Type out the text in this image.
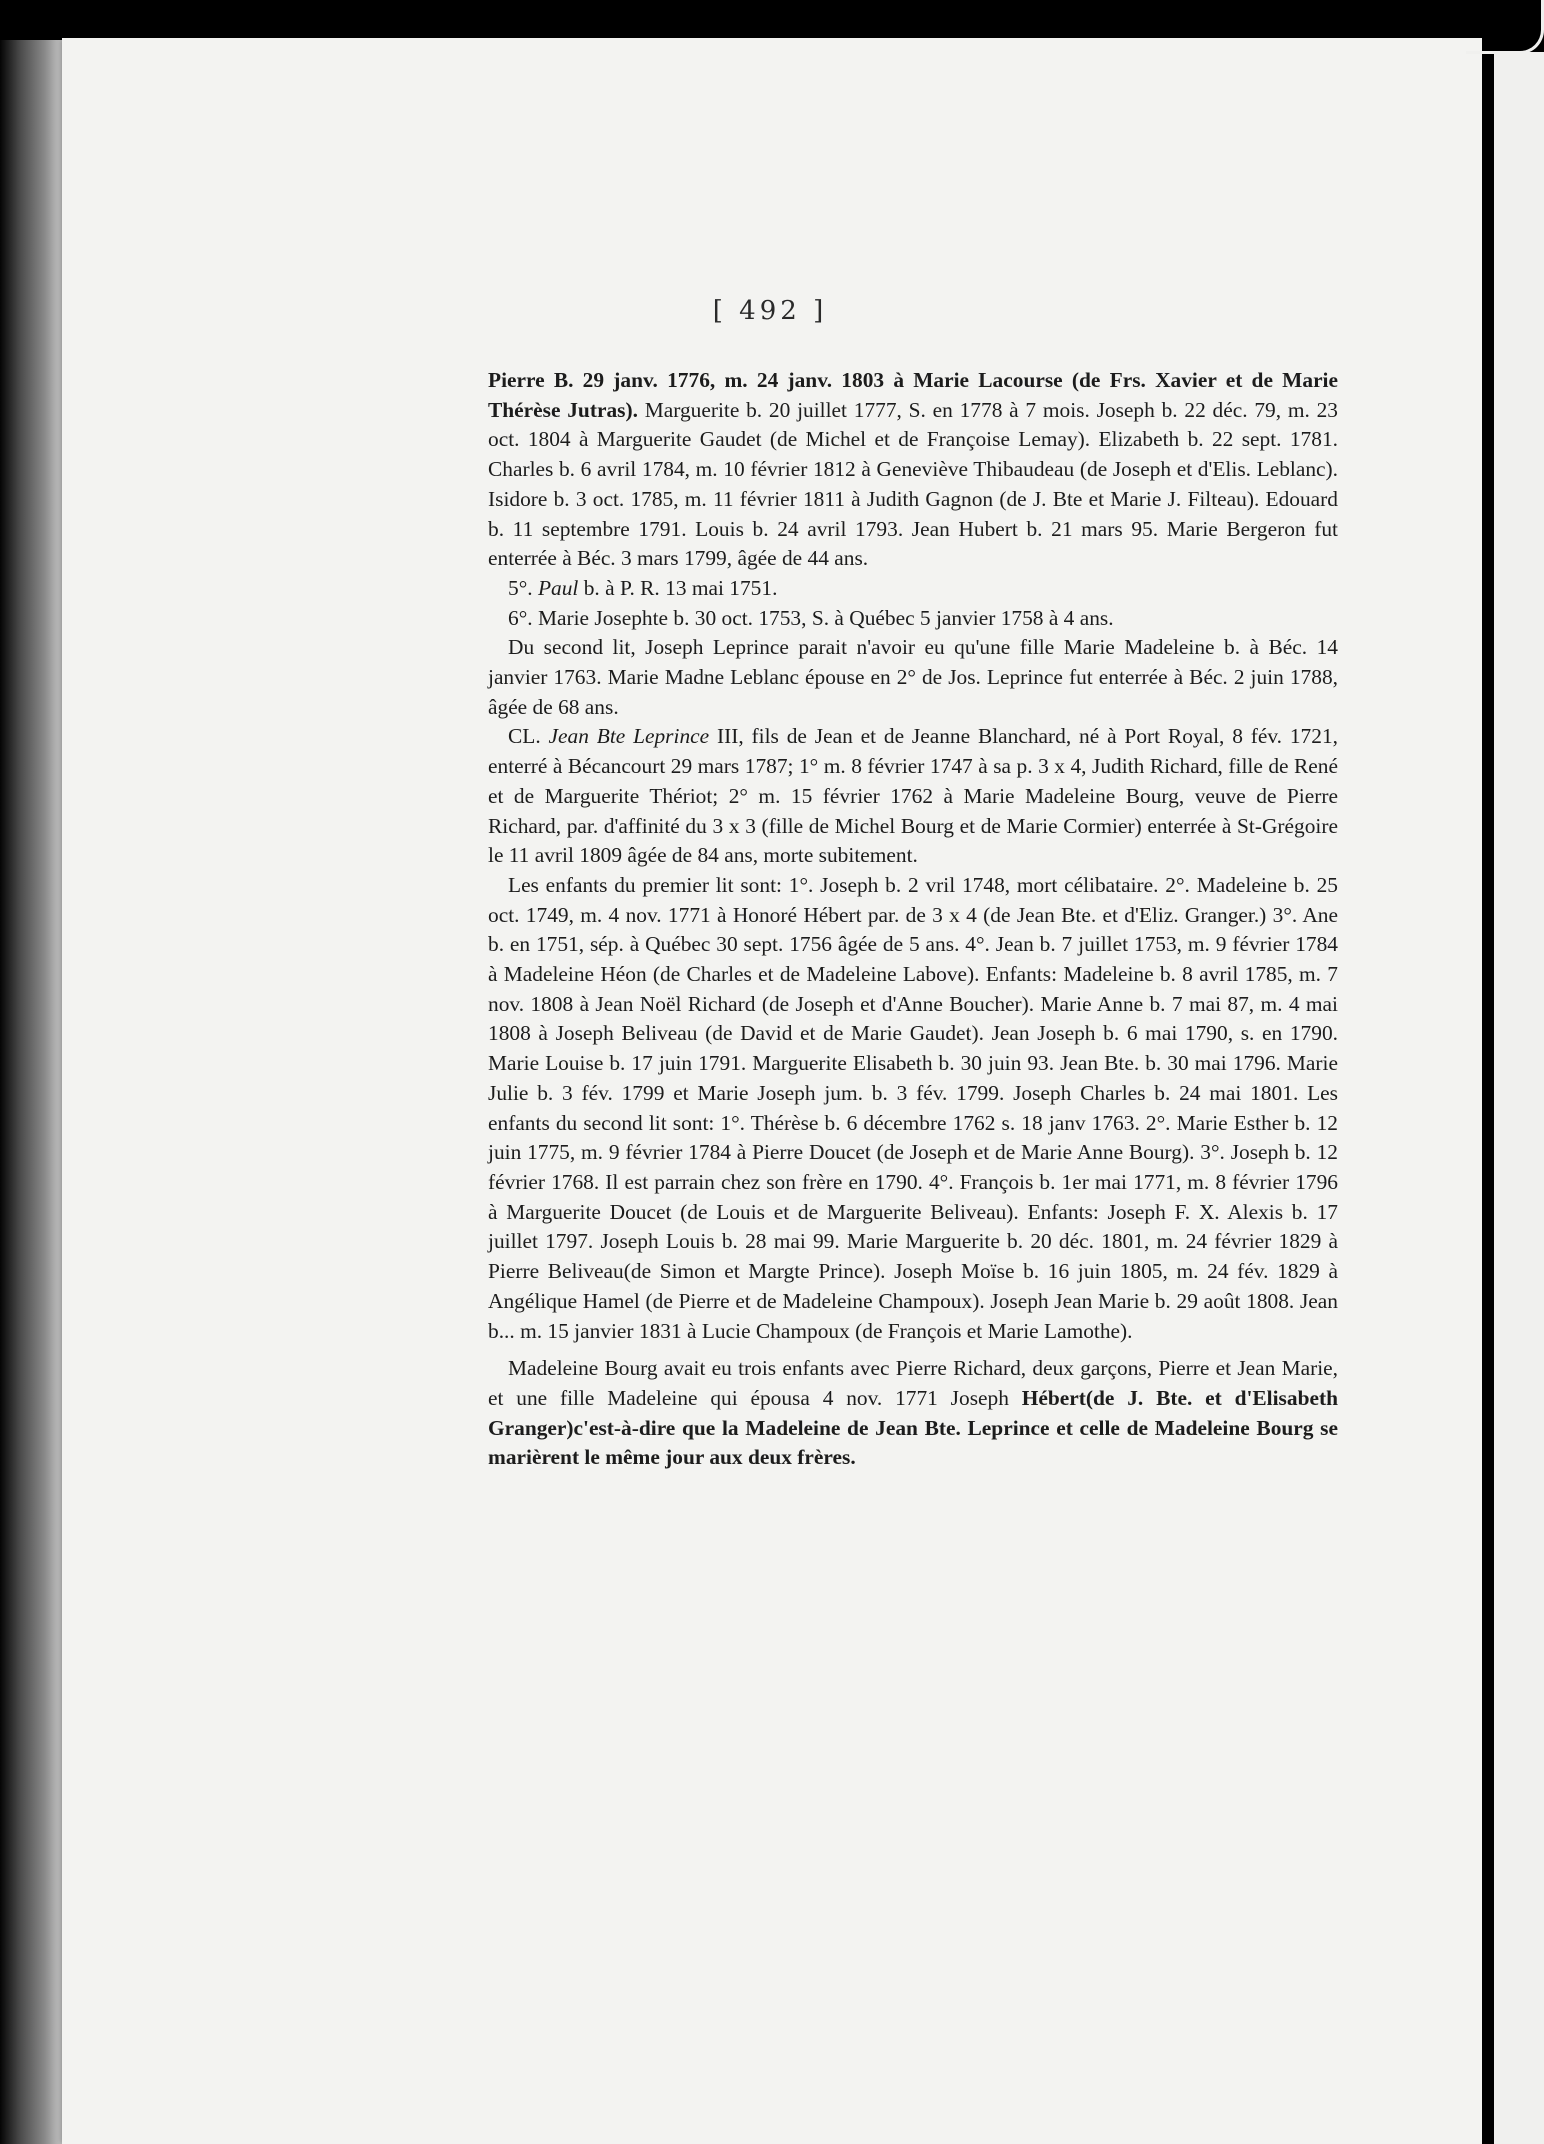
[ 492 ]

Pierre B. 29 janv. 1776, m. 24 janv. 1803 à Marie Lacourse (de Frs. Xavier et de Marie Thérèse Jutras). Marguerite b. 20 juillet 1777, S. en 1778 à 7 mois. Joseph b. 22 déc. 79, m. 23 oct. 1804 à Marguerite Gaudet (de Michel et de Françoise Lemay). Elizabeth b. 22 sept. 1781. Charles b. 6 avril 1784, m. 10 février 1812 à Geneviève Thibaudeau (de Joseph et d'Elis. Leblanc). Isidore b. 3 oct. 1785, m. 11 février 1811 à Judith Gagnon (de J. Bte et Marie J. Filteau). Edouard b. 11 septembre 1791. Louis b. 24 avril 1793. Jean Hubert b. 21 mars 95. Marie Bergeron fut enterrée à Béc. 3 mars 1799, âgée de 44 ans.

5°. Paul b. à P. R. 13 mai 1751.

6°. Marie Josephte b. 30 oct. 1753, S. à Québec 5 janvier 1758 à 4 ans.

Du second lit, Joseph Leprince parait n'avoir eu qu'une fille Marie Madeleine b. à Béc. 14 janvier 1763. Marie Madne Leblanc épouse en 2° de Jos. Leprince fut enterrée à Béc. 2 juin 1788, âgée de 68 ans.

CL. Jean Bte Leprince III, fils de Jean et de Jeanne Blanchard, né à Port Royal, 8 fév. 1721, enterré à Bécancourt 29 mars 1787; 1° m. 8 février 1747 à sa p. 3 x 4, Judith Richard, fille de René et de Marguerite Thériot; 2° m. 15 février 1762 à Marie Madeleine Bourg, veuve de Pierre Richard, par. d'affinité du 3 x 3 (fille de Michel Bourg et de Marie Cormier) enterrée à St-Grégoire le 11 avril 1809 âgée de 84 ans, morte subitement.

Les enfants du premier lit sont: 1°. Joseph b. 2 vril 1748, mort célibataire. 2°. Madeleine b. 25 oct. 1749, m. 4 nov. 1771 à Honoré Hébert par. de 3 x 4 (de Jean Bte. et d'Eliz. Granger.) 3°. Ane b. en 1751, sép. à Québec 30 sept. 1756 âgée de 5 ans. 4°. Jean b. 7 juillet 1753, m. 9 février 1784 à Madeleine Héon (de Charles et de Madeleine Labove). Enfants: Madeleine b. 8 avril 1785, m. 7 nov. 1808 à Jean Noël Richard (de Joseph et d'Anne Boucher). Marie Anne b. 7 mai 87, m. 4 mai 1808 à Joseph Beliveau (de David et de Marie Gaudet). Jean Joseph b. 6 mai 1790, s. en 1790. Marie Louise b. 17 juin 1791. Marguerite Elisabeth b. 30 juin 93. Jean Bte. b. 30 mai 1796. Marie Julie b. 3 fév. 1799 et Marie Joseph jum. b. 3 fév. 1799. Joseph Charles b. 24 mai 1801. Les enfants du second lit sont: 1°. Thérèse b. 6 décembre 1762 s. 18 janv 1763. 2°. Marie Esther b. 12 juin 1775, m. 9 février 1784 à Pierre Doucet (de Joseph et de Marie Anne Bourg). 3°. Joseph b. 12 février 1768. Il est parrain chez son frère en 1790. 4°. François b. 1er mai 1771, m. 8 février 1796 à Marguerite Doucet (de Louis et de Marguerite Beliveau). Enfants: Joseph F. X. Alexis b. 17 juillet 1797. Joseph Louis b. 28 mai 99. Marie Marguerite b. 20 déc. 1801, m. 24 février 1829 à Pierre Beliveau(de Simon et Margte Prince). Joseph Moïse b. 16 juin 1805, m. 24 fév. 1829 à Angélique Hamel (de Pierre et de Madeleine Champoux). Joseph Jean Marie b. 29 août 1808. Jean b... m. 15 janvier 1831 à Lucie Champoux (de François et Marie Lamothe).

Madeleine Bourg avait eu trois enfants avec Pierre Richard, deux garçons, Pierre et Jean Marie, et une fille Madeleine qui épousa 4 nov. 1771 Joseph Hébert(de J. Bte. et d'Elisabeth Granger)c'est-à-dire que la Madeleine de Jean Bte. Leprince et celle de Madeleine Bourg se marièrent le même jour aux deux frères.
